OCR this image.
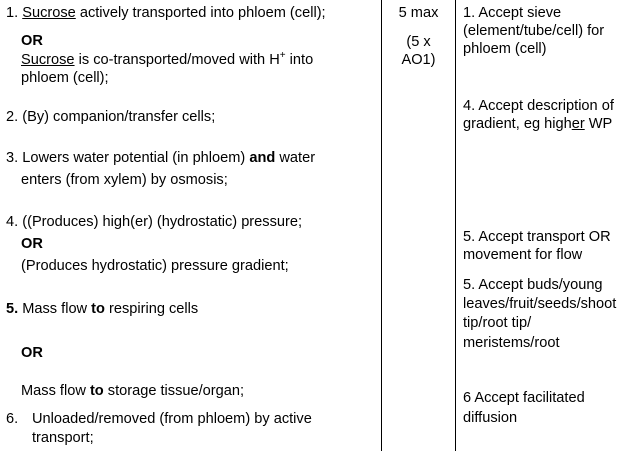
1. Sucrose actively transported into phloem (cell);
OR
Sucrose is co-transported/moved with H+ into
phloem (cell);
2. (By) companion/transfer cells;
3. Lowers water potential (in phloem) and water
enters (from xylem) by osmosis;
4. ((Produces) high(er) (hydrostatic) pressure;
OR
(Produces hydrostatic) pressure gradient;
5. Mass flow to respiring cells
OR
Mass flow to storage tissue/organ;
6. Unloaded/removed (from phloem) by active
transport;
5 max
(5 x
AO1)
1. Accept sieve
(element/tube/cell) for
phloem (cell)
4. Accept description of
gradient, eg higher WP
5. Accept transport OR
movement for flow
5. Accept buds/young
leaves/fruit/seeds/shoot
tip/root tip/
meristems/root
6 Accept facilitated
diffusion
